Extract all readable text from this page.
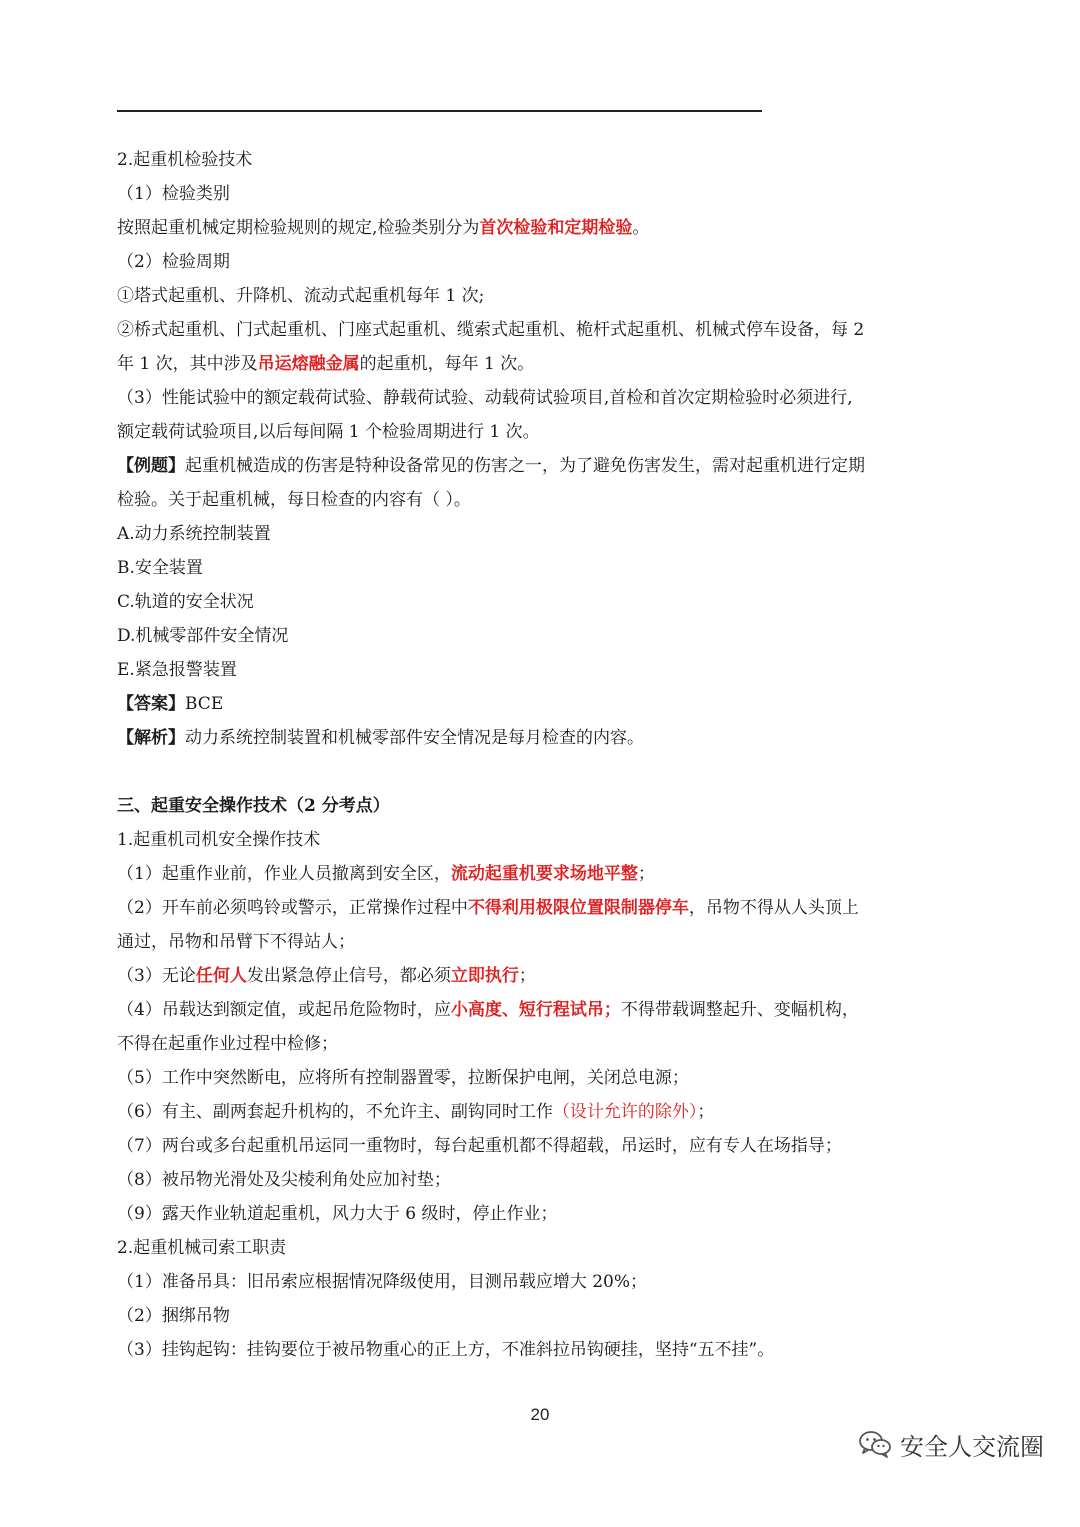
2.起重机检验技术
（1）检验类别
按照起重机械定期检验规则的规定,检验类别分为首次检验和定期检验。
（2）检验周期
①塔式起重机、升降机、流动式起重机每年 1 次;
②桥式起重机、门式起重机、门座式起重机、缆索式起重机、桅杆式起重机、机械式停车设备，每 2
年 1 次，其中涉及吊运熔融金属的起重机，每年 1 次。
（3）性能试验中的额定载荷试验、静载荷试验、动载荷试验项目,首检和首次定期检验时必须进行,
额定载荷试验项目,以后每间隔 1 个检验周期进行 1 次。
【例题】起重机械造成的伤害是特种设备常见的伤害之一，为了避免伤害发生，需对起重机进行定期
检验。关于起重机械，每日检查的内容有（ ）。
A.动力系统控制装置
B.安全装置
C.轨道的安全状况
D.机械零部件安全情况
E.紧急报警装置
【答案】BCE
【解析】动力系统控制装置和机械零部件安全情况是每月检查的内容。
三、起重安全操作技术（2 分考点）
1.起重机司机安全操作技术
（1）起重作业前，作业人员撤离到安全区，流动起重机要求场地平整；
（2）开车前必须鸣铃或警示，正常操作过程中不得利用极限位置限制器停车，吊物不得从人头顶上
通过，吊物和吊臂下不得站人；
（3）无论任何人发出紧急停止信号，都必须立即执行；
（4）吊载达到额定值，或起吊危险物时，应小高度、短行程试吊；不得带载调整起升、变幅机构，
不得在起重作业过程中检修；
（5）工作中突然断电，应将所有控制器置零，拉断保护电闸，关闭总电源；
（6）有主、副两套起升机构的，不允许主、副钩同时工作（设计允许的除外）；
（7）两台或多台起重机吊运同一重物时，每台起重机都不得超载，吊运时，应有专人在场指导；
（8）被吊物光滑处及尖棱利角处应加衬垫；
（9）露天作业轨道起重机，风力大于 6 级时，停止作业；
2.起重机械司索工职责
（1）准备吊具：旧吊索应根据情况降级使用，目测吊载应增大 20%；
（2）捆绑吊物
（3）挂钩起钩：挂钩要位于被吊物重心的正上方，不准斜拉吊钩硬挂，坚持“五不挂”。
20
安全人交流圈
